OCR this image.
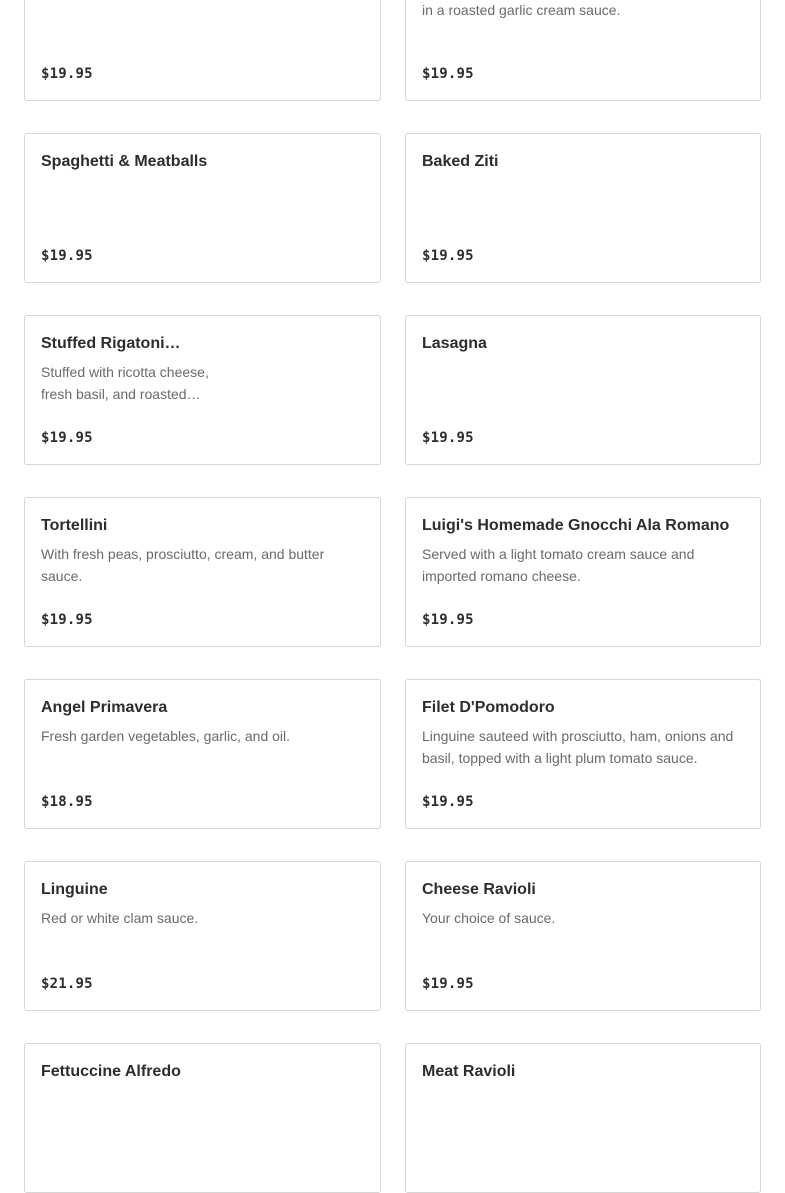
$19.95
in a roasted garlic cream sauce.
$19.95
Spaghetti & Meatballs
$19.95
Baked Ziti
$19.95
Stuffed Rigatoni…
Stuffed with ricotta cheese, fresh basil, and roasted…
$19.95
Lasagna
$19.95
Tortellini
With fresh peas, prosciutto, cream, and butter sauce.
$19.95
Luigi's Homemade Gnocchi Ala Romano
Served with a light tomato cream sauce and imported romano cheese.
$19.95
Angel Primavera
Fresh garden vegetables, garlic, and oil.
$18.95
Filet D'Pomodoro
Linguine sauteed with prosciutto, ham, onions and basil, topped with a light plum tomato sauce.
$19.95
Linguine
Red or white clam sauce.
$21.95
Cheese Ravioli
Your choice of sauce.
$19.95
Fettuccine Alfredo	Meat Ravioli
